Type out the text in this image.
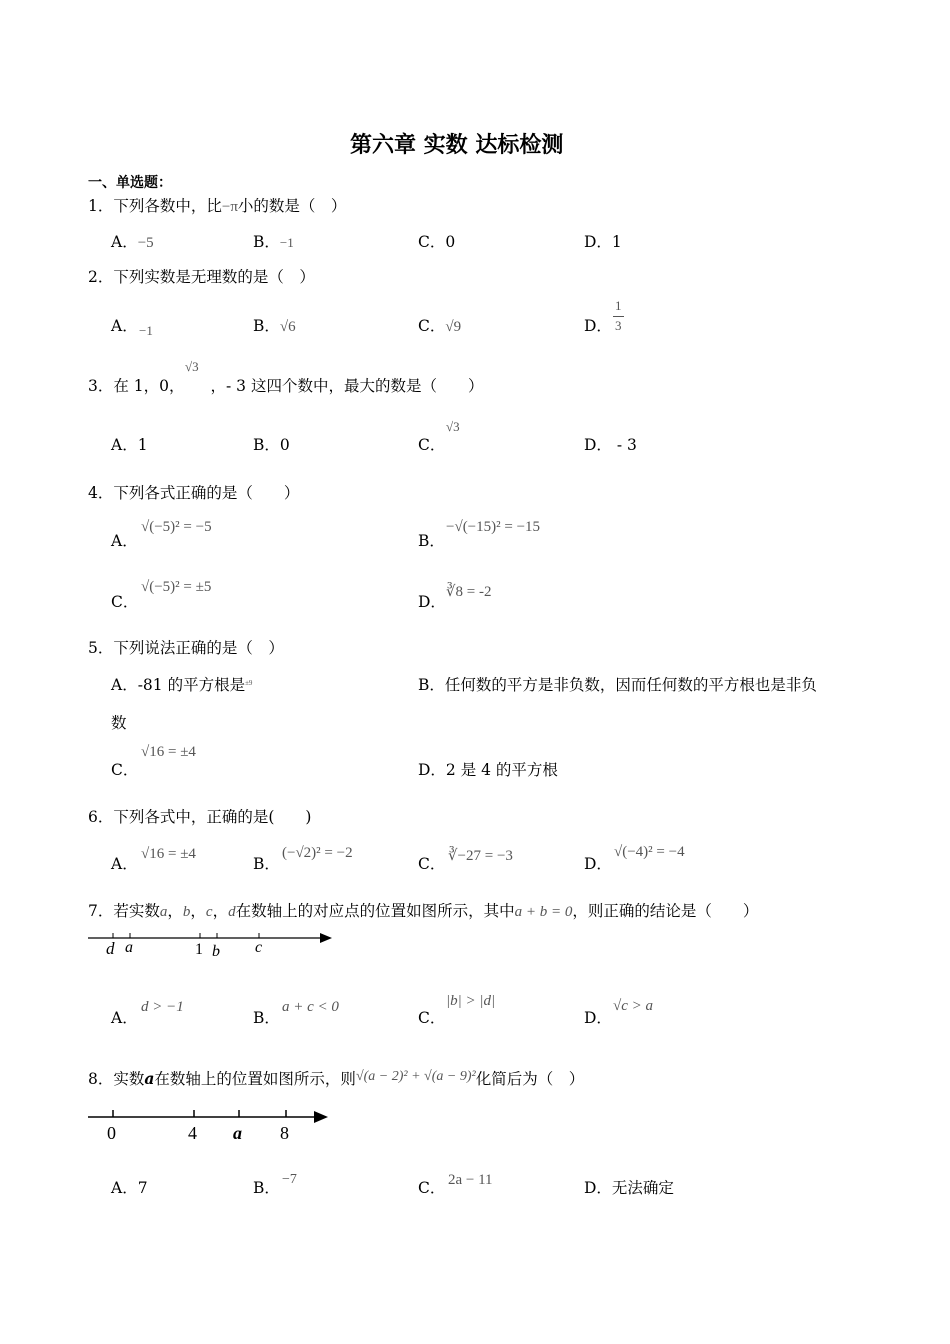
第六章 实数 达标检测
一、单选题：
1．下列各数中，比−π小的数是（　）
A．−5	B．−1	C．0	D．1
2．下列实数是无理数的是（　）
A． −1	B．√6	C．√9	D．
1
3
√3
3．在 1，0， ，- 3 这四个数中，最大的数是（　　）
A．1	B．0	C．
√3
D． - 3
4．下列各式正确的是（　　）
A．
√(−5)² = −5
B．
−√(−15)² = −15
C．
√(−5)² = ±5
D．
∛8 = -2
5．下列说法正确的是（　）
A．-81 的平方根是$^{\pm 9}$	B．任何数的平方是非负数，因而任何数的平方根也是非负
数
C．
√16 = ±4
D．2 是 4 的平方根
6．下列各式中，正确的是(　　)
A．
√16 = ±4
B．
(−√2)² = −2
C． ∛−27 = −3	D．
√(−4)² = −4
7．若实数a，b，c，d在数轴上的对应点的位置如图所示，其中a + b = 0，则正确的结论是（　　）
d a	1 b c
A．
d > −1
B．
a + c < 0
C．
|b| > |d|
D．
√c > a
8．实数a在数轴上的位置如图所示，则√(a − 2)² + √(a − 9)²化简后为（　）
0	4 a 8
A．7	B． −7	C． 2a − 11	D．无法确定
